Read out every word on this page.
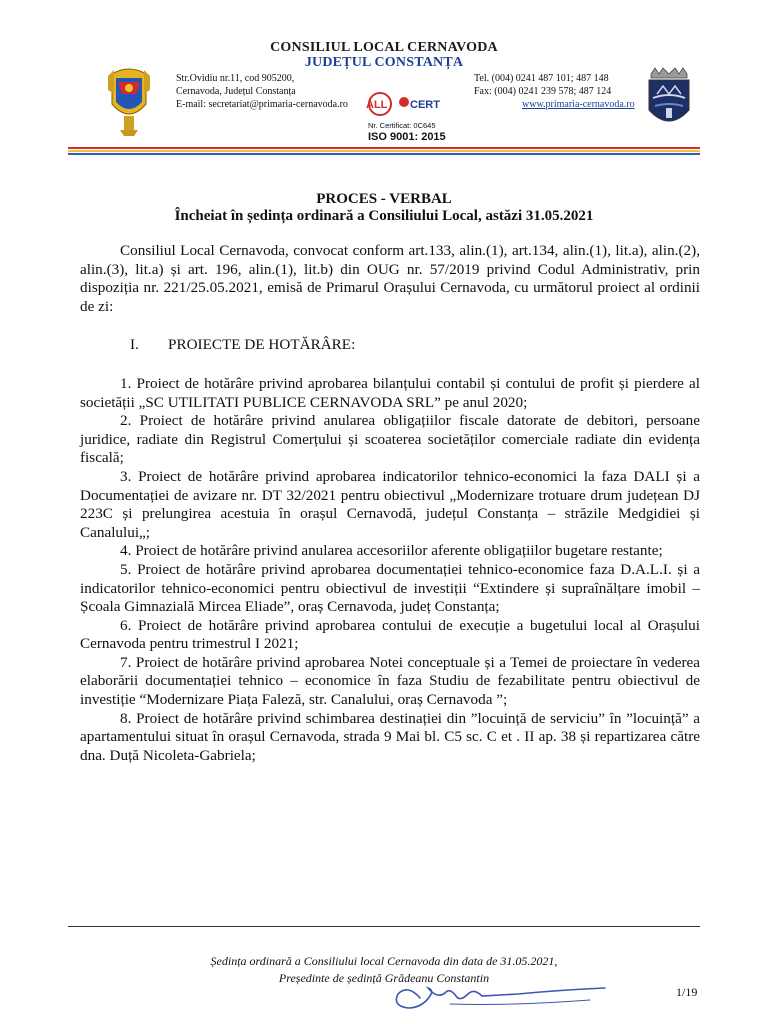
CONSILIUL LOCAL CERNAVODA
JUDEȚUL CONSTANȚA
Str.Ovidiu nr.11, cod 905200,
Cernavoda, Județul Constanța
E-mail: secretariat@primaria-cernavoda.ro ALL CERT
Nr. Certificat: 0C645
ISO 9001: 2015
Tel. (004) 0241 487 101; 487 148
Fax: (004) 0241 239 578; 487 124
www.primaria-cernavoda.ro
PROCES - VERBAL
Încheiat în ședința ordinară a Consiliului Local, astăzi 31.05.2021

Consiliul Local Cernavoda, convocat conform art.133, alin.(1), art.134, alin.(1), lit.a), alin.(2), alin.(3), lit.a) și art. 196, alin.(1), lit.b) din OUG nr. 57/2019 privind Codul Administrativ, prin dispoziția nr. 221/25.05.2021, emisă de Primarul Orașului Cernavoda, cu următorul proiect al ordinii de zi:

I. PROIECTE DE HOTĂRÂRE:

1. Proiect de hotărâre privind aprobarea bilanțului contabil și contului de profit și pierdere al societății „SC UTILITATI PUBLICE CERNAVODA SRL” pe anul 2020;

2. Proiect de hotărâre privind anularea obligațiilor fiscale datorate de debitori, persoane juridice, radiate din Registrul Comerțului și scoaterea societăților comerciale radiate din evidența fiscală;

3. Proiect de hotărâre privind aprobarea indicatorilor tehnico-economici la faza DALI și a Documentației de avizare nr. DT 32/2021 pentru obiectivul „Modernizare trotuare drum județean DJ 223C și prelungirea acestuia în orașul Cernavodă, județul Constanța – străzile Medgidiei și Canalului„;

4. Proiect de hotărâre privind anularea accesoriilor aferente obligațiilor bugetare restante;

5. Proiect de hotărâre privind aprobarea documentației tehnico-economice faza D.A.L.I. și a indicatorilor tehnico-economici pentru obiectivul de investiții “Extindere și supraînălțare imobil – Școala Gimnazială Mircea Eliade”, oraș Cernavoda, județ Constanța;

6. Proiect de hotărâre privind aprobarea contului de execuție a bugetului local al Orașului Cernavoda pentru trimestrul I 2021;

7. Proiect de hotărâre privind aprobarea Notei conceptuale și a Temei de proiectare în vederea elaborării documentației tehnico – economice în faza Studiu de fezabilitate pentru obiectivul de investiție “Modernizare Piața Faleză, str. Canalului, oraș Cernavoda ”;

8. Proiect de hotărâre privind schimbarea destinației din ”locuință de serviciu” în ”locuință” a apartamentului situat în orașul Cernavoda, strada 9 Mai bl. C5 sc. C et . II ap. 38 și repartizarea către dna. Duță Nicoleta-Gabriela;

Ședința ordinară a Consiliului local Cernavoda din data de 31.05.2021,
Președinte de ședință Grădeanu Constantin
1/19
